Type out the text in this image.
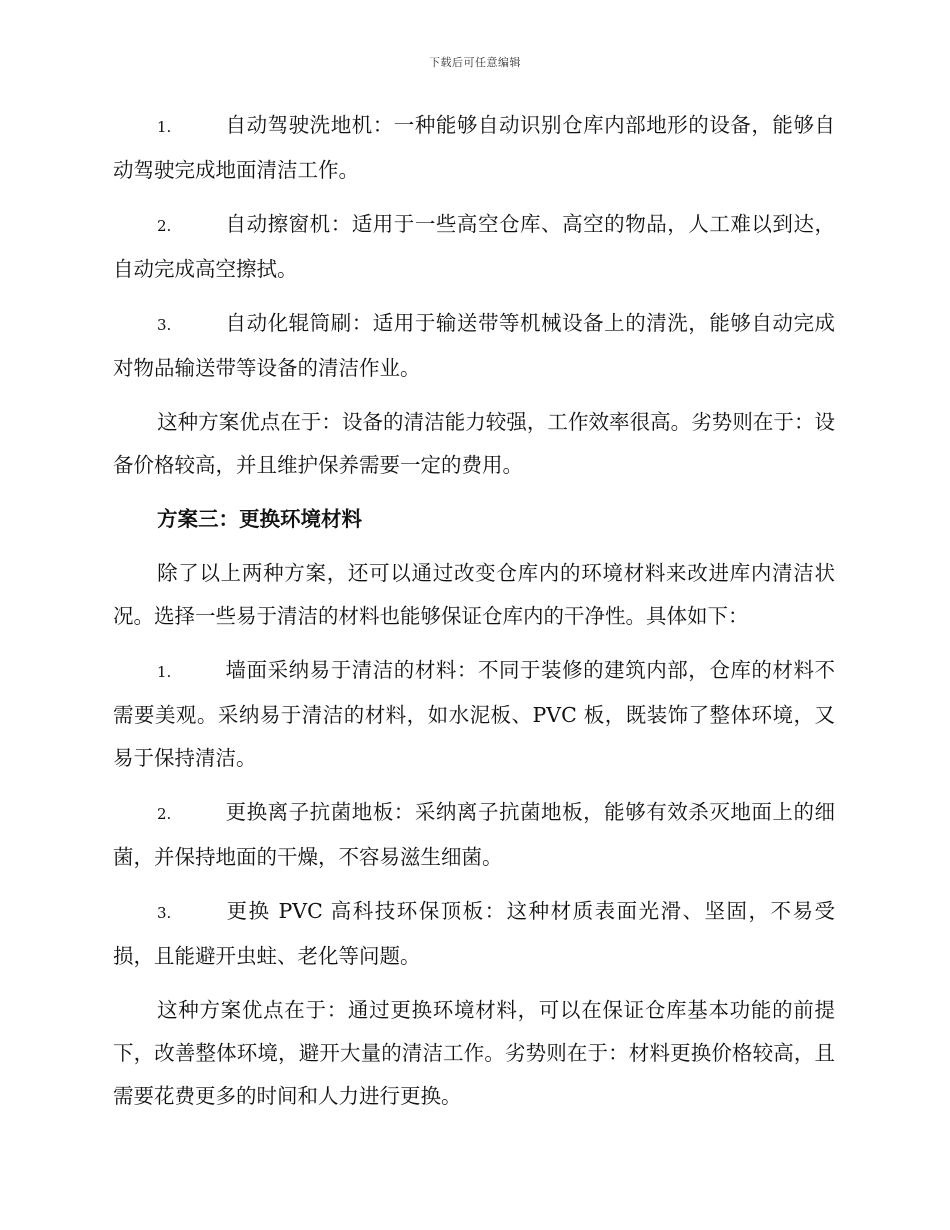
下载后可任意编辑

1.	自动驾驶洗地机：一种能够自动识别仓库内部地形的设备，能够自动驾驶完成地面清洁工作。

2.	自动擦窗机：适用于一些高空仓库、高空的物品，人工难以到达，自动完成高空擦拭。

3.	自动化辊筒刷：适用于输送带等机械设备上的清洗，能够自动完成对物品输送带等设备的清洁作业。

这种方案优点在于：设备的清洁能力较强，工作效率很高。劣势则在于：设备价格较高，并且维护保养需要一定的费用。

方案三：更换环境材料

除了以上两种方案，还可以通过改变仓库内的环境材料来改进库内清洁状况。选择一些易于清洁的材料也能够保证仓库内的干净性。具体如下：

1.	墙面采纳易于清洁的材料：不同于装修的建筑内部，仓库的材料不需要美观。采纳易于清洁的材料，如水泥板、PVC 板，既装饰了整体环境，又易于保持清洁。

2.	更换离子抗菌地板：采纳离子抗菌地板，能够有效杀灭地面上的细菌，并保持地面的干燥，不容易滋生细菌。

3.	更换 PVC 高科技环保顶板：这种材质表面光滑、坚固，不易受损，且能避开虫蛀、老化等问题。

这种方案优点在于：通过更换环境材料，可以在保证仓库基本功能的前提下，改善整体环境，避开大量的清洁工作。劣势则在于：材料更换价格较高，且需要花费更多的时间和人力进行更换。
